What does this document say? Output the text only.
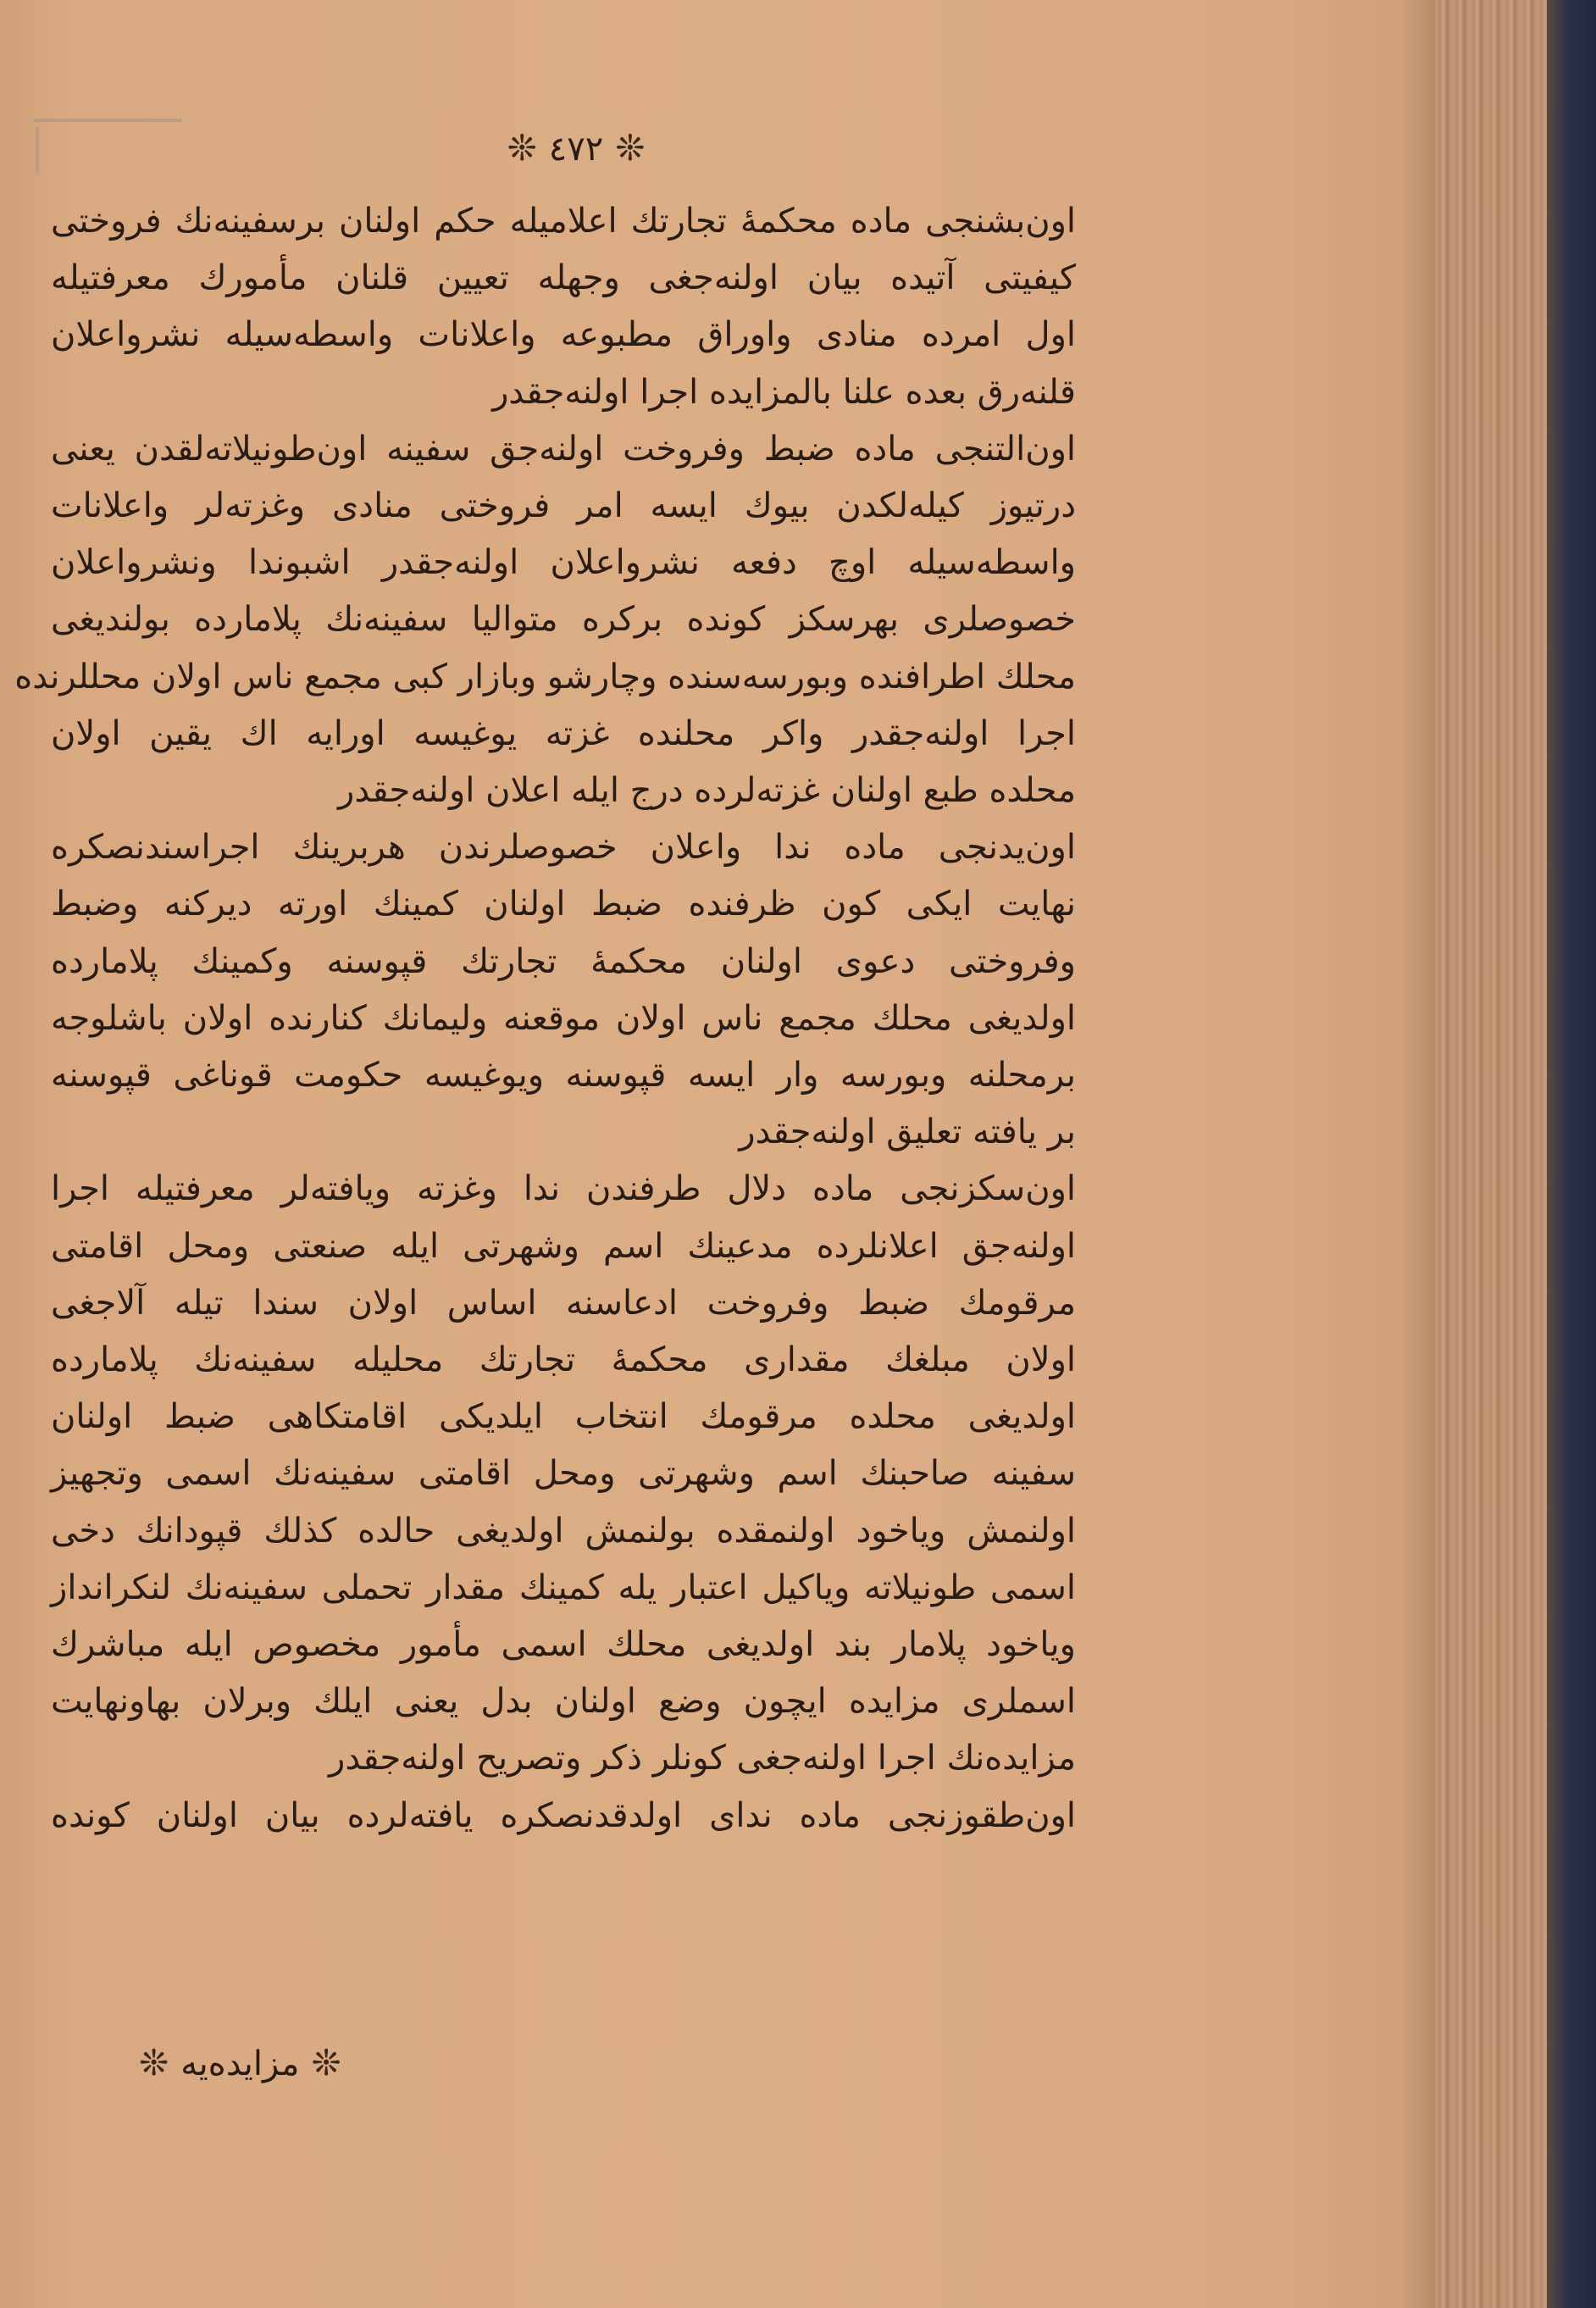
❊٤٧٢❊
اون‌بشنجی ماده محکمهٔ تجارتك اعلامیله حکم اولنان برسفینه‌نك فروختی
کیفیتی آتیده بیان اولنه‌جغی وجهله تعیین قلنان مأمورك معرفتیله
اول امرده منادی واوراق مطبوعه واعلانات واسطه‌سیله نشرواعلان
قلنه‌رق بعده علنا بالمزایده اجرا اولنه‌جقدر
اون‌التنجی ماده ضبط وفروخت اولنه‌جق سفینه اون‌طونیلاته‌لقدن یعنی
درتیوز کیله‌لکدن بیوك ایسه امر فروختی منادی وغزته‌لر واعلانات
واسطه‌سیله اوچ دفعه نشرواعلان اولنه‌جقدر اشبوندا ونشرواعلان
خصوصلری بهرسکز کونده برکره متوالیا سفینه‌نك پلامارده بولندیغی
محلك اطرافنده وبورسه‌سنده وچارشو وبازار کبی مجمع ناس اولان محللرنده
اجرا اولنه‌جقدر واکر محلنده غزته یوغیسه اورایه اك یقین اولان
محلده طبع اولنان غزته‌لرده درج ایله اعلان اولنه‌جقدر
اون‌یدنجی ماده ندا واعلان خصوصلرندن هربرینك اجراسندنصکره
نهایت ایکی کون ظرفنده ضبط اولنان کمینك اورته دیرکنه وضبط
وفروختی دعوی اولنان محکمهٔ تجارتك قپوسنه وکمینك پلامارده
اولدیغی محلك مجمع ناس اولان موقعنه ولیمانك کنارنده اولان باشلوجه
برمحلنه وبورسه وار ایسه قپوسنه ویوغیسه حکومت قوناغی قپوسنه
بر یافته تعلیق اولنه‌جقدر
اون‌سکزنجی ماده دلال طرفندن ندا وغزته ویافته‌لر معرفتیله اجرا
اولنه‌جق اعلانلرده مدعینك اسم وشهرتی ایله صنعتی ومحل اقامتی
مرقومك ضبط وفروخت ادعاسنه اساس اولان سندا تیله آلاجغی
اولان مبلغك مقداری محکمهٔ تجارتك محلیله سفینه‌نك پلامارده
اولدیغی محلده مرقومك انتخاب ایلدیکی اقامتکاهی ضبط اولنان
سفینه صاحبنك اسم وشهرتی ومحل اقامتی سفینه‌نك اسمی وتجهیز
اولنمش ویاخود اولنمقده بولنمش اولدیغی حالده کذلك قپودانك دخی
اسمی طونیلاته ویاکیل اعتبار یله کمینك مقدار تحملی سفینه‌نك لنکرانداز
ویاخود پلامار بند اولدیغی محلك اسمی مأمور مخصوص ایله مباشرك
اسملری مزایده ایچون وضع اولنان بدل یعنی ایلك وبرلان بهاونهایت
مزایده‌نك اجرا اولنه‌جغی کونلر ذکر وتصریح اولنه‌جقدر
اون‌طقوزنجی ماده ندای اولدقدنصکره یافته‌لرده بیان اولنان کونده
❊مزایده‌یه❊
